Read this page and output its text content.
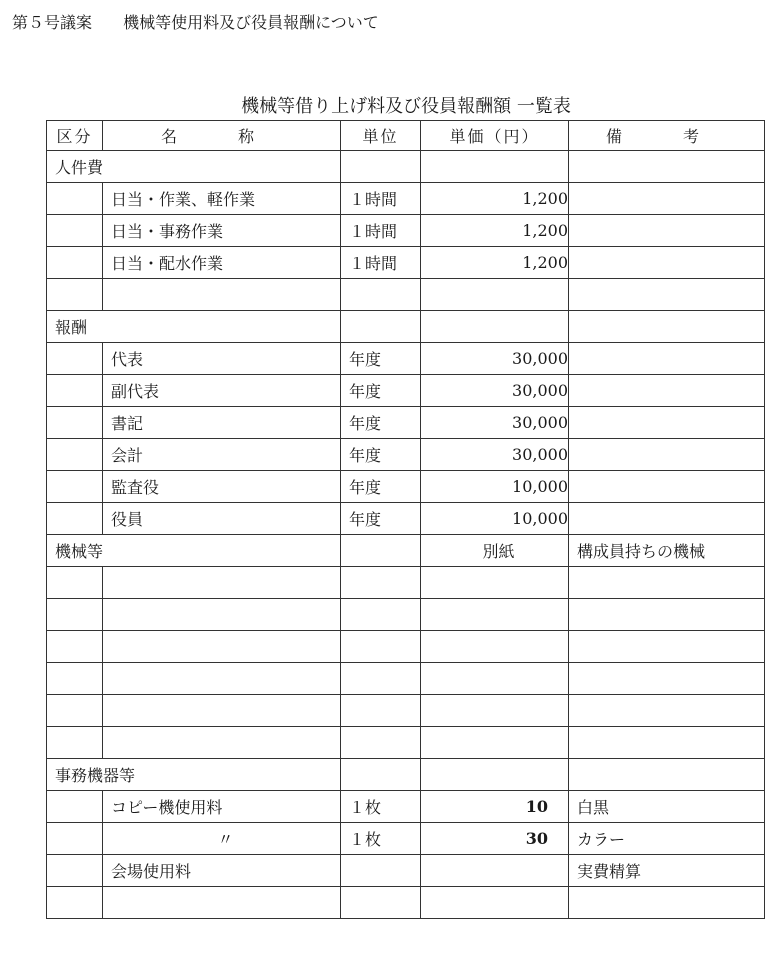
第５号議案 機械等使用料及び役員報酬について
機械等借り上げ料及び役員報酬額 一覧表
区分	名 称	単位	単価（円）	備 考
人件費				
	日当・作業、軽作業	１時間	1,200	
	日当・事務作業	１時間	1,200	
	日当・配水作業	１時間	1,200	

報酬				
	代表	年度	30,000	
	副代表	年度	30,000	
	書記	年度	30,000	
	会計	年度	30,000	
	監査役	年度	10,000	
	役員	年度	10,000	
機械等			別紙	構成員持ちの機械

事務機器等				
	コピー機使用料	１枚	10	白黒
	〃	１枚	30	カラー
	会場使用料			実費精算
